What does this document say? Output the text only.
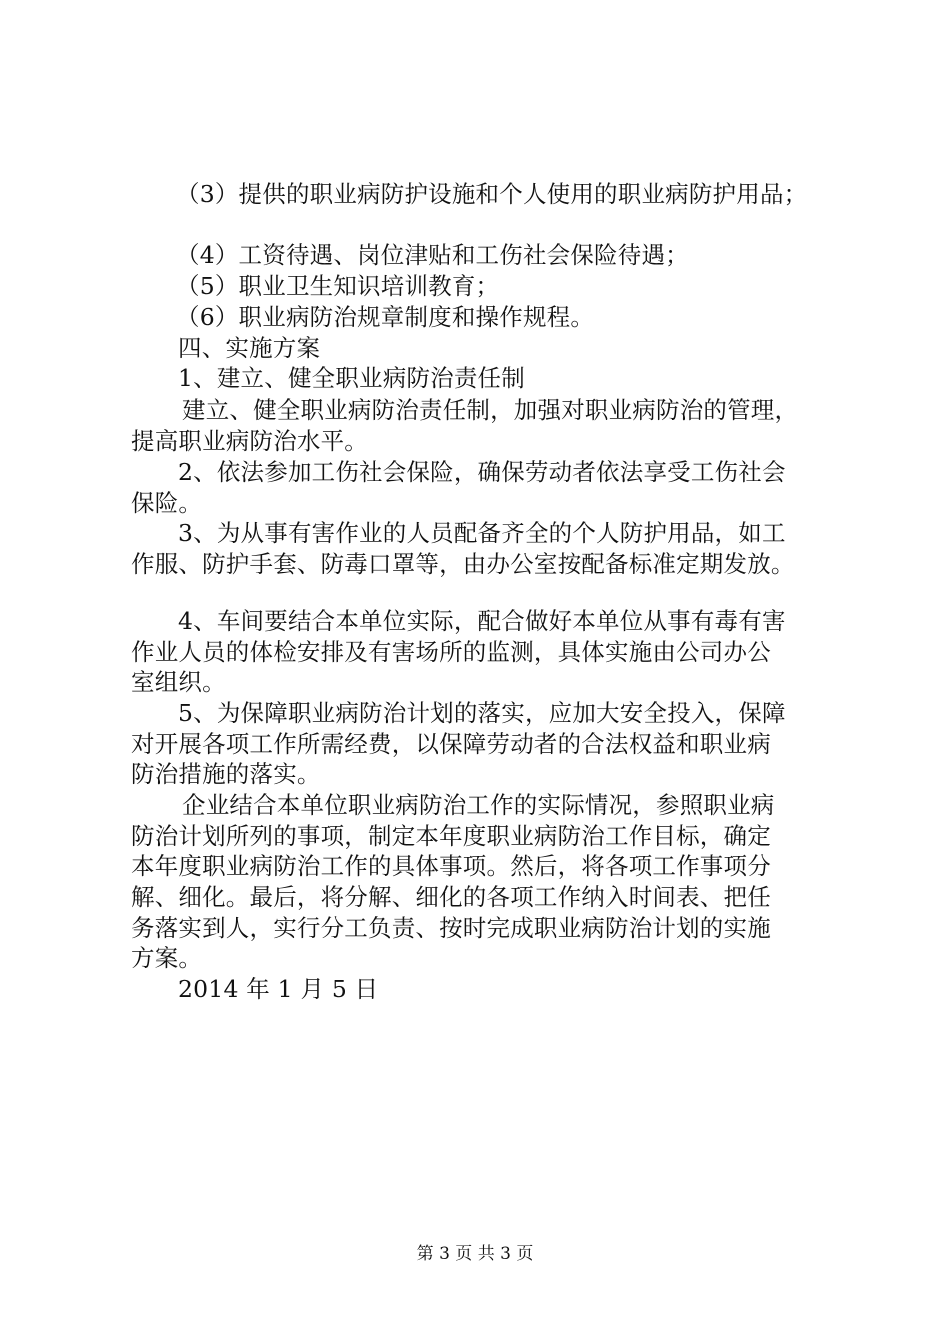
（3）提供的职业病防护设施和个人使用的职业病防护用品；
（4）工资待遇、岗位津贴和工伤社会保险待遇；
（5）职业卫生知识培训教育；
（6）职业病防治规章制度和操作规程。
四、实施方案
1、建立、健全职业病防治责任制
建立、健全职业病防治责任制，加强对职业病防治的管理，
提高职业病防治水平。
2、依法参加工伤社会保险，确保劳动者依法享受工伤社会
保险。
3、为从事有害作业的人员配备齐全的个人防护用品，如工
作服、防护手套、防毒口罩等，由办公室按配备标准定期发放。
4、车间要结合本单位实际，配合做好本单位从事有毒有害
作业人员的体检安排及有害场所的监测，具体实施由公司办公
室组织。
5、为保障职业病防治计划的落实，应加大安全投入，保障
对开展各项工作所需经费，以保障劳动者的合法权益和职业病
防治措施的落实。
企业结合本单位职业病防治工作的实际情况，参照职业病
防治计划所列的事项，制定本年度职业病防治工作目标，确定
本年度职业病防治工作的具体事项。然后，将各项工作事项分
解、细化。最后，将分解、细化的各项工作纳入时间表、把任
务落实到人，实行分工负责、按时完成职业病防治计划的实施
方案。
2014 年 1 月 5 日
第 3 页 共 3 页
